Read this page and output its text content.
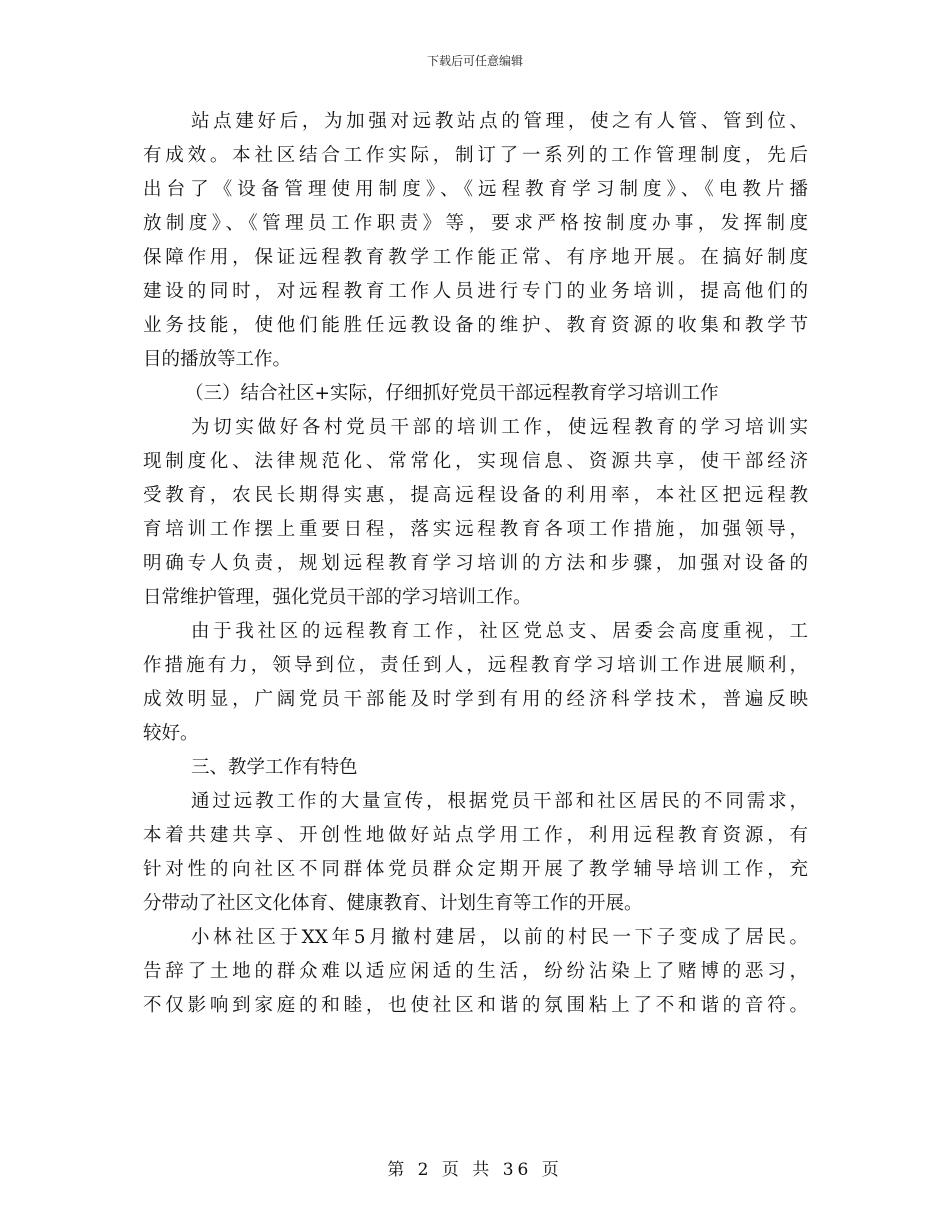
下载后可任意编辑
站点建好后，为加强对远教站点的管理，使之有人管、管到位、
有成效。本社区结合工作实际，制订了一系列的工作管理制度，先后
出台了《设备管理使用制度》、《远程教育学习制度》、《电教片播
放制度》、《管理员工作职责》等，要求严格按制度办事，发挥制度
保障作用，保证远程教育教学工作能正常、有序地开展。在搞好制度
建设的同时，对远程教育工作人员进行专门的业务培训，提高他们的
业务技能，使他们能胜任远教设备的维护、教育资源的收集和教学节
目的播放等工作。
（三）结合社区+实际，仔细抓好党员干部远程教育学习培训工作
为切实做好各村党员干部的培训工作，使远程教育的学习培训实
现制度化、法律规范化、常常化，实现信息、资源共享，使干部经济
受教育，农民长期得实惠，提高远程设备的利用率，本社区把远程教
育培训工作摆上重要日程，落实远程教育各项工作措施，加强领导，
明确专人负责，规划远程教育学习培训的方法和步骤，加强对设备的
日常维护管理，强化党员干部的学习培训工作。
由于我社区的远程教育工作，社区党总支、居委会高度重视，工
作措施有力，领导到位，责任到人，远程教育学习培训工作进展顺利，
成效明显，广阔党员干部能及时学到有用的经济科学技术，普遍反映
较好。
三、教学工作有特色
通过远教工作的大量宣传，根据党员干部和社区居民的不同需求，
本着共建共享、开创性地做好站点学用工作，利用远程教育资源，有
针对性的向社区不同群体党员群众定期开展了教学辅导培训工作，充
分带动了社区文化体育、健康教育、计划生育等工作的开展。
小林社区于XX年5月撤村建居，以前的村民一下子变成了居民。
告辞了土地的群众难以适应闲适的生活，纷纷沾染上了赌博的恶习，
不仅影响到家庭的和睦，也使社区和谐的氛围粘上了不和谐的音符。
第 2 页 共 36 页
